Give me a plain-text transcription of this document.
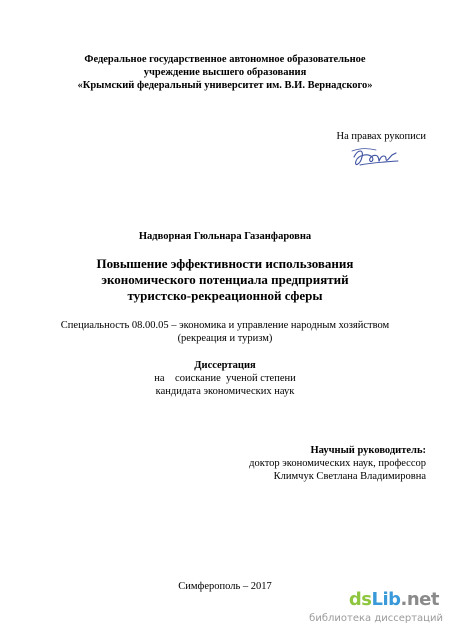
Федеральное государственное автономное образовательное
учреждение высшего образования
«Крымский федеральный университет им. В.И. Вернадского»
На правах рукописи
Надворная Гюльнара Газанфаровна
Повышение эффективности использования
экономического потенциала предприятий
туристско-рекреационной сферы
Специальность 08.00.05 – экономика и управление народным хозяйством
(рекреация и туризм)
Диссертация
на    соискание  ученой степени
кандидата экономических наук
Научный руководитель:
доктор экономических наук, профессор
Климчук Светлана Владимировна
Симферополь – 2017
dsLib.net
библиотека диссертаций
